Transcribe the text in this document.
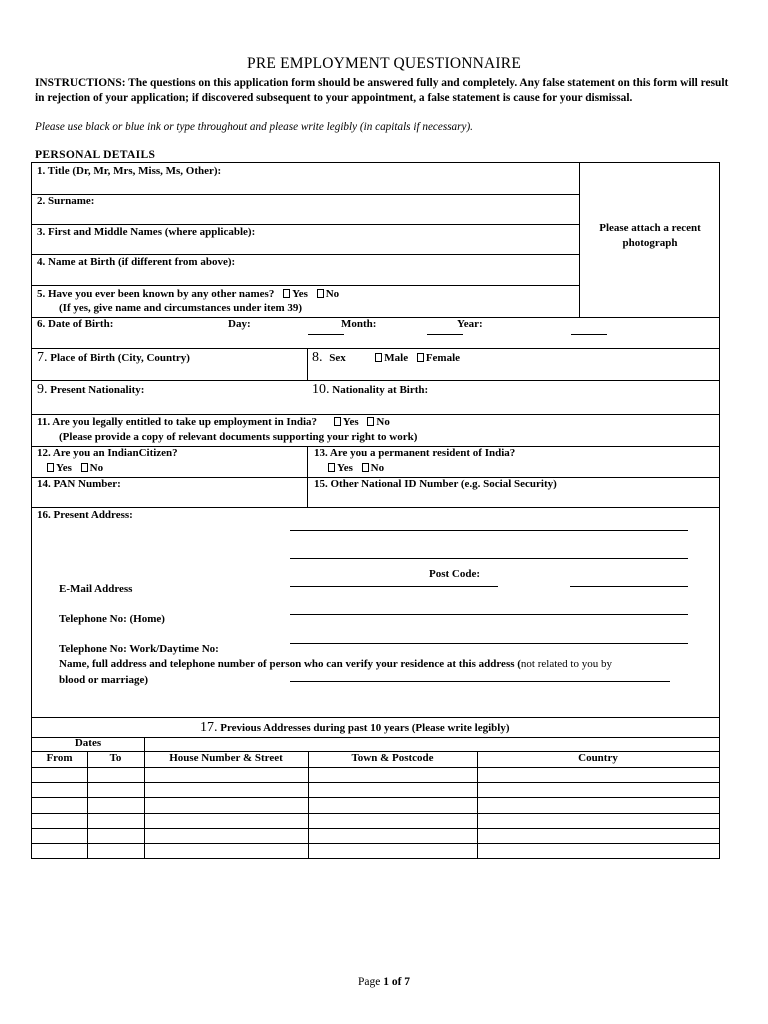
PRE EMPLOYMENT QUESTIONNAIRE
INSTRUCTIONS: The questions on this application form should be answered fully and completely. Any false statement on this form will result in rejection of your application; if discovered subsequent to your appointment, a false statement is cause for your dismissal.
Please use black or blue ink or type throughout and please write legibly (in capitals if necessary).
PERSONAL DETAILS
1. Title (Dr, Mr, Mrs, Miss, Ms, Other):
2. Surname:
3. First and Middle Names (where applicable):
4. Name at Birth (if different from above):
5. Have you ever been known by any other names? Yes No
(If yes, give name and circumstances under item 39)
Please attach a recent photograph
6. Date of Birth:	Day:	Month:	Year:
7. Place of Birth (City, Country)	8. Sex	Male Female
9. Present Nationality:	10. Nationality at Birth:
11. Are you legally entitled to take up employment in India? Yes No
(Please provide a copy of relevant documents supporting your right to work)
12. Are you an IndianCitizen?
Yes No
13. Are you a permanent resident of India?
Yes No
14. PAN Number:	15. Other National ID Number (e.g. Social Security)
16. Present Address:
Post Code:
E-Mail Address
Telephone No: (Home)
Telephone No: Work/Daytime No:
Name, full address and telephone number of person who can verify your residence at this address (not related to you by
blood or marriage)
17. Previous Addresses during past 10 years (Please write legibly)
Dates
From	To	House Number & Street	Town & Postcode	Country
Page 1 of 7
